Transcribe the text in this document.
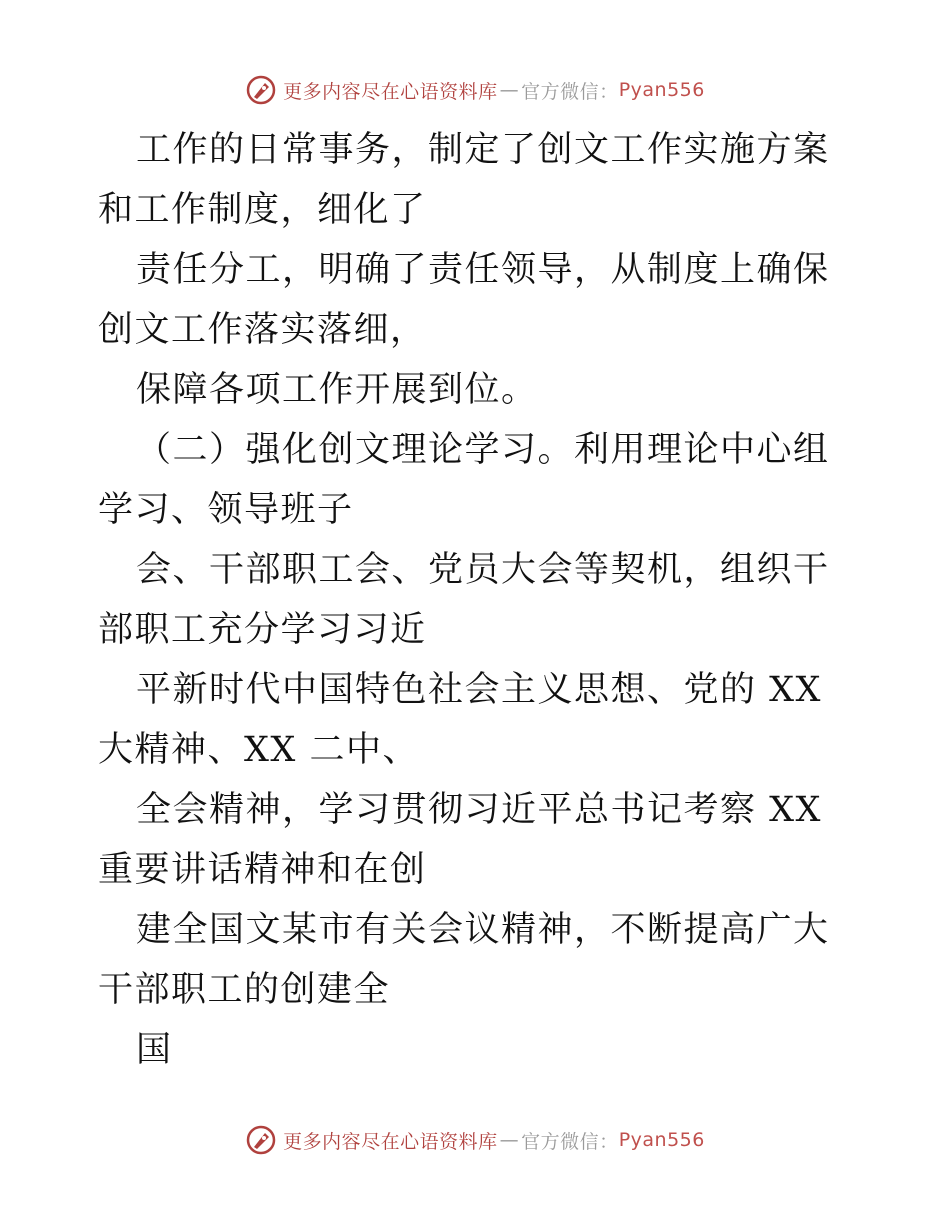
更多内容尽在心语资料库 — 官方微信： Pyan556

工作的日常事务，制定了创文工作实施方案和工作制度，细化了

责任分工，明确了责任领导，从制度上确保创文工作落实落细，

保障各项工作开展到位。

（二）强化创文理论学习。利用理论中心组学习、领导班子

会、干部职工会、党员大会等契机，组织干部职工充分学习习近

平新时代中国特色社会主义思想、党的 XX 大精神、XX 二中、

全会精神，学习贯彻习近平总书记考察 XX 重要讲话精神和在创

建全国文某市有关会议精神，不断提高广大干部职工的创建全

国

更多内容尽在心语资料库 — 官方微信： Pyan556
